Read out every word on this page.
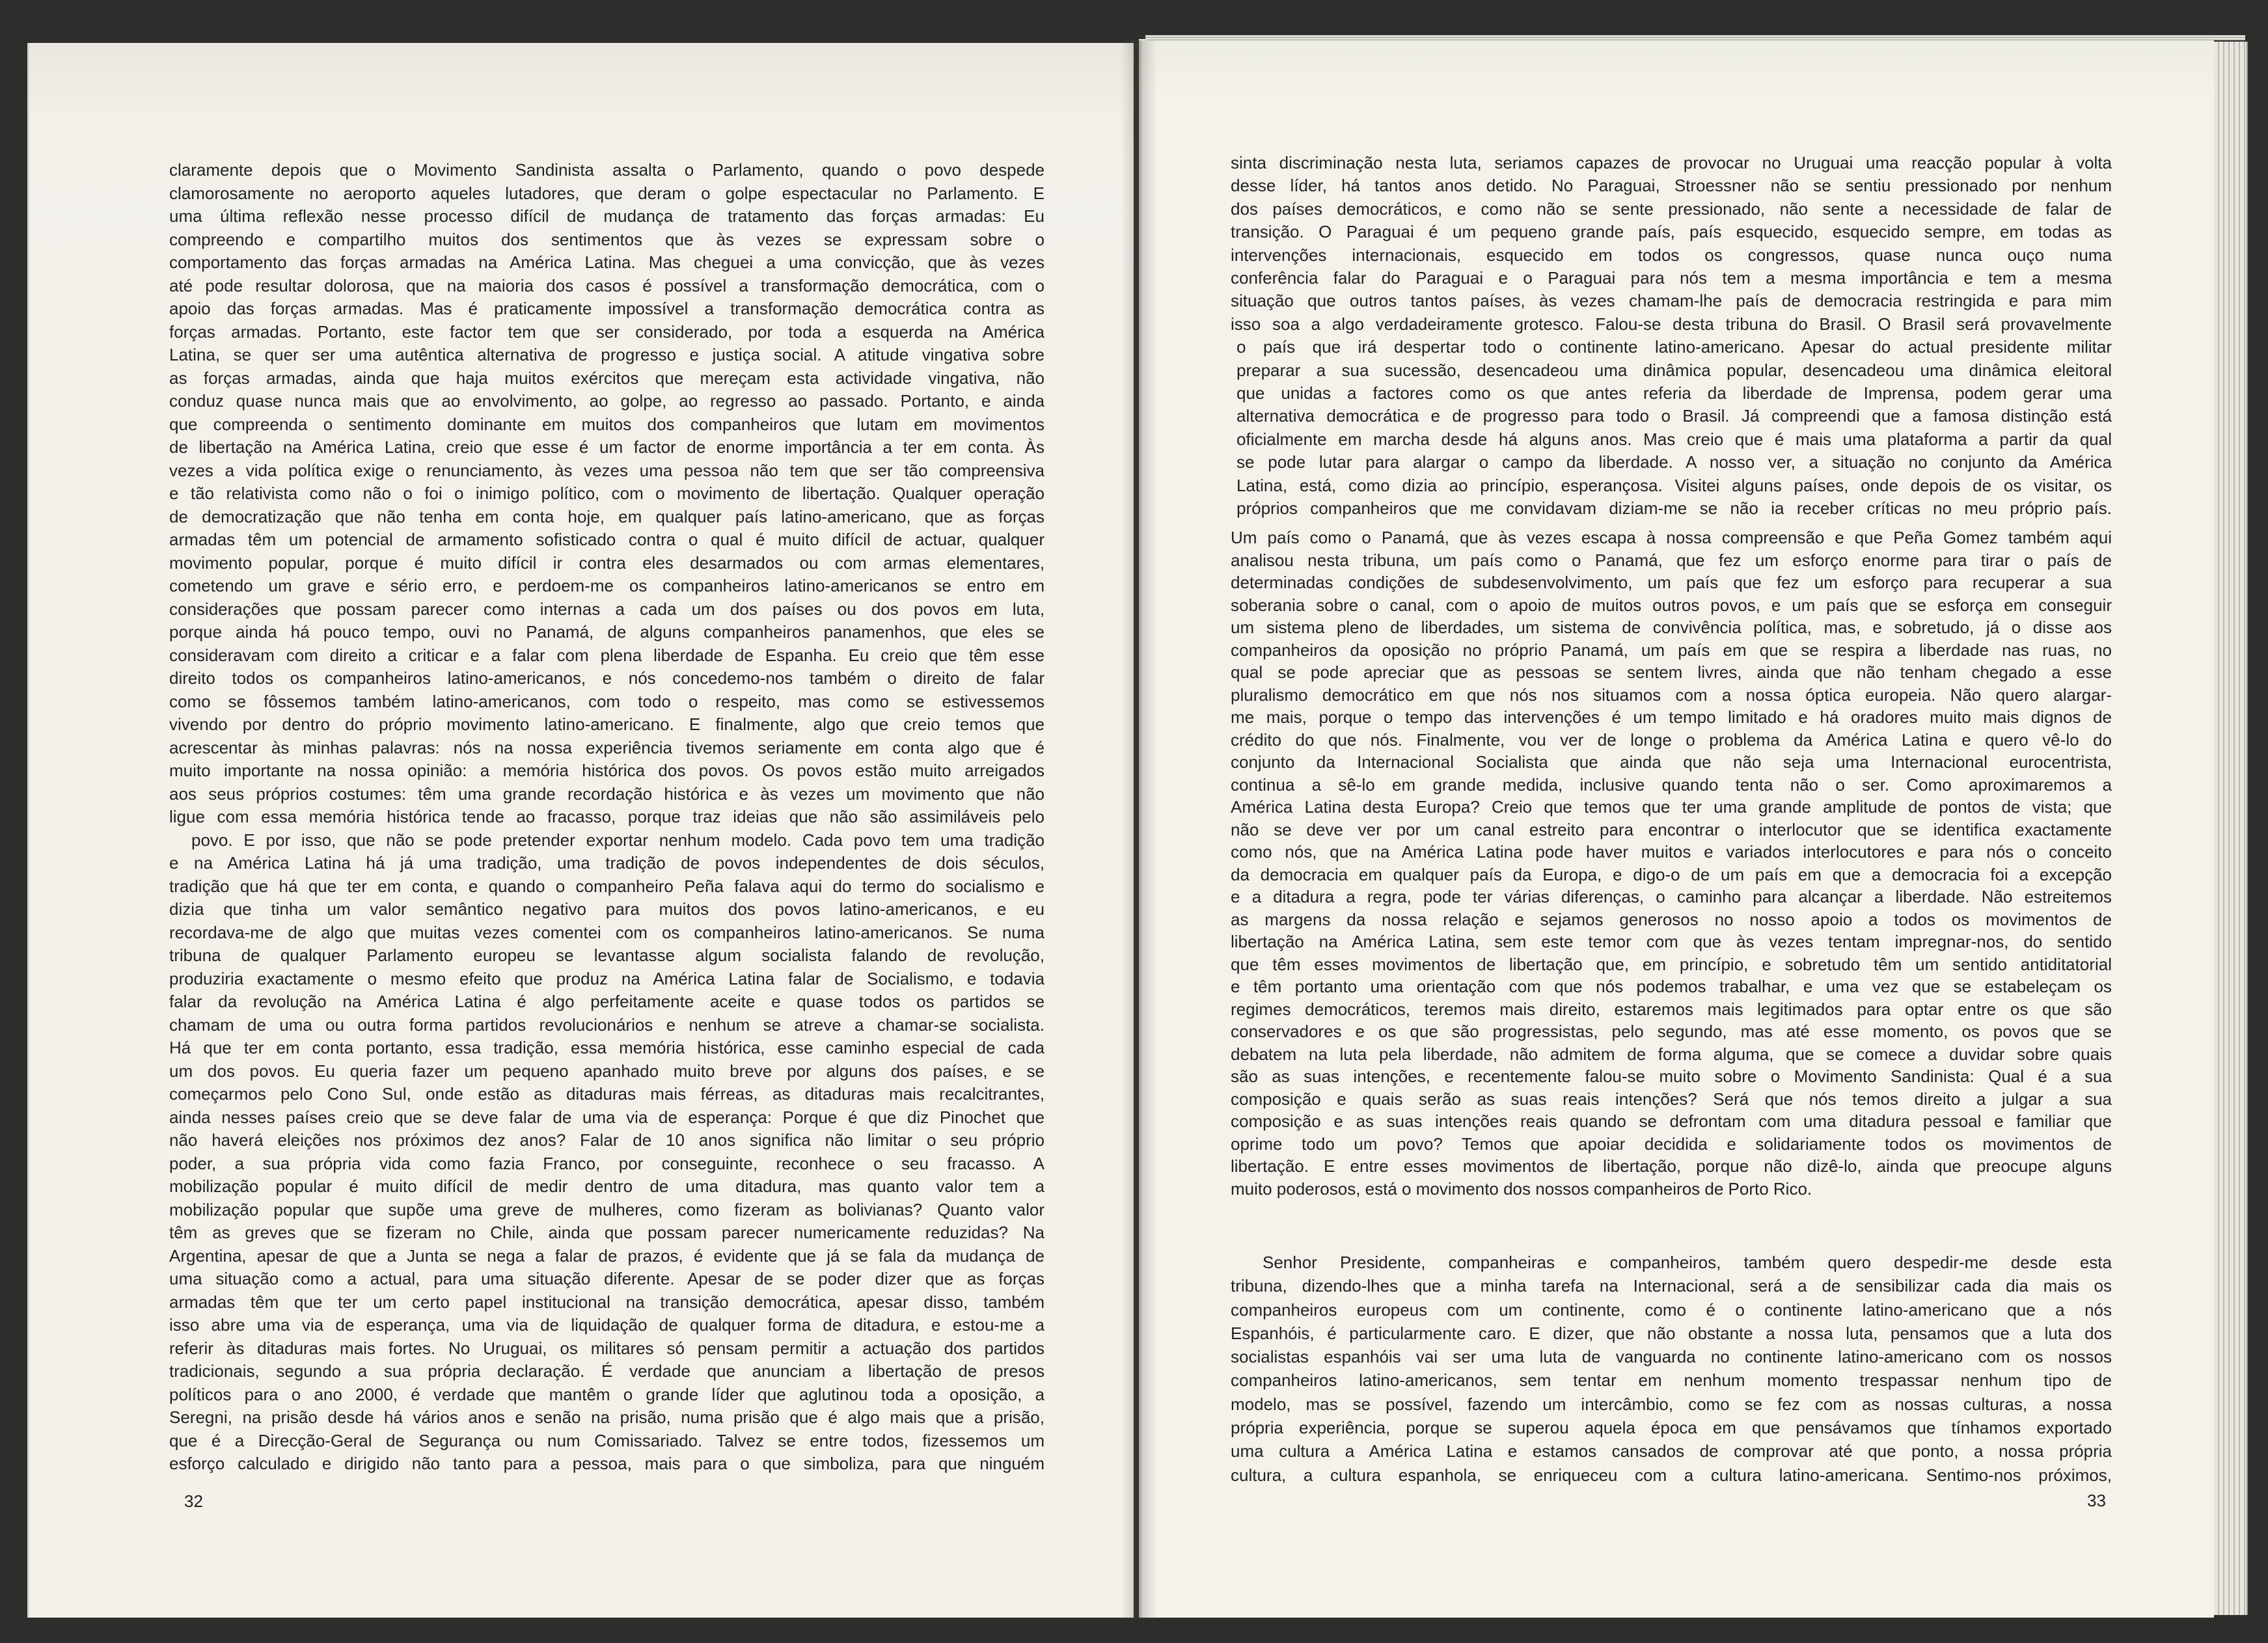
claramente depois que o Movimento Sandinista assalta o Parlamento, quando o povo despede
clamorosamente no aeroporto aqueles lutadores, que deram o golpe espectacular no Parlamento. E
uma última reflexão nesse processo difícil de mudança de tratamento das forças armadas: Eu
compreendo e compartilho muitos dos sentimentos que às vezes se expressam sobre o
comportamento das forças armadas na América Latina. Mas cheguei a uma convicção, que às vezes
até pode resultar dolorosa, que na maioria dos casos é possível a transformação democrática, com o
apoio das forças armadas. Mas é praticamente impossível a transformação democrática contra as
forças armadas. Portanto, este factor tem que ser considerado, por toda a esquerda na América
Latina, se quer ser uma autêntica alternativa de progresso e justiça social. A atitude vingativa sobre
as forças armadas, ainda que haja muitos exércitos que mereçam esta actividade vingativa, não
conduz quase nunca mais que ao envolvimento, ao golpe, ao regresso ao passado. Portanto, e ainda
que compreenda o sentimento dominante em muitos dos companheiros que lutam em movimentos
de libertação na América Latina, creio que esse é um factor de enorme importância a ter em conta. Às
vezes a vida política exige o renunciamento, às vezes uma pessoa não tem que ser tão compreensiva
e tão relativista como não o foi o inimigo político, com o movimento de libertação. Qualquer operação
de democratização que não tenha em conta hoje, em qualquer país latino-americano, que as forças
armadas têm um potencial de armamento sofisticado contra o qual é muito difícil de actuar, qualquer
movimento popular, porque é muito difícil ir contra eles desarmados ou com armas elementares,
cometendo um grave e sério erro, e perdoem-me os companheiros latino-americanos se entro em
considerações que possam parecer como internas a cada um dos países ou dos povos em luta,
porque ainda há pouco tempo, ouvi no Panamá, de alguns companheiros panamenhos, que eles se
consideravam com direito a criticar e a falar com plena liberdade de Espanha. Eu creio que têm esse
direito todos os companheiros latino-americanos, e nós concedemo-nos também o direito de falar
como se fôssemos também latino-americanos, com todo o respeito, mas como se estivessemos
vivendo por dentro do próprio movimento latino-americano. E finalmente, algo que creio temos que
acrescentar às minhas palavras: nós na nossa experiência tivemos seriamente em conta algo que é
muito importante na nossa opinião: a memória histórica dos povos. Os povos estão muito arreigados
aos seus próprios costumes: têm uma grande recordação histórica e às vezes um movimento que não
ligue com essa memória histórica tende ao fracasso, porque traz ideias que não são assimiláveis pelo
povo. E por isso, que não se pode pretender exportar nenhum modelo. Cada povo tem uma tradição
e na América Latina há já uma tradição, uma tradição de povos independentes de dois séculos,
tradição que há que ter em conta, e quando o companheiro Peña falava aqui do termo do socialismo e
dizia que tinha um valor semântico negativo para muitos dos povos latino-americanos, e eu
recordava-me de algo que muitas vezes comentei com os companheiros latino-americanos. Se numa
tribuna de qualquer Parlamento europeu se levantasse algum socialista falando de revolução,
produziria exactamente o mesmo efeito que produz na América Latina falar de Socialismo, e todavia
falar da revolução na América Latina é algo perfeitamente aceite e quase todos os partidos se
chamam de uma ou outra forma partidos revolucionários e nenhum se atreve a chamar-se socialista.
Há que ter em conta portanto, essa tradição, essa memória histórica, esse caminho especial de cada
um dos povos. Eu queria fazer um pequeno apanhado muito breve por alguns dos países, e se
começarmos pelo Cono Sul, onde estão as ditaduras mais férreas, as ditaduras mais recalcitrantes,
ainda nesses países creio que se deve falar de uma via de esperança: Porque é que diz Pinochet que
não haverá eleições nos próximos dez anos? Falar de 10 anos significa não limitar o seu próprio
poder, a sua própria vida como fazia Franco, por conseguinte, reconhece o seu fracasso. A
mobilização popular é muito difícil de medir dentro de uma ditadura, mas quanto valor tem a
mobilização popular que supõe uma greve de mulheres, como fizeram as bolivianas? Quanto valor
têm as greves que se fizeram no Chile, ainda que possam parecer numericamente reduzidas? Na
Argentina, apesar de que a Junta se nega a falar de prazos, é evidente que já se fala da mudança de
uma situação como a actual, para uma situação diferente. Apesar de se poder dizer que as forças
armadas têm que ter um certo papel institucional na transição democrática, apesar disso, também
isso abre uma via de esperança, uma via de liquidação de qualquer forma de ditadura, e estou-me a
referir às ditaduras mais fortes. No Uruguai, os militares só pensam permitir a actuação dos partidos
tradicionais, segundo a sua própria declaração. É verdade que anunciam a libertação de presos
políticos para o ano 2000, é verdade que mantêm o grande líder que aglutinou toda a oposição, a
Seregni, na prisão desde há vários anos e senão na prisão, numa prisão que é algo mais que a prisão,
que é a Direcção-Geral de Segurança ou num Comissariado. Talvez se entre todos, fizessemos um
esforço calculado e dirigido não tanto para a pessoa, mais para o que simboliza, para que ninguém
32
sinta discriminação nesta luta, seriamos capazes de provocar no Uruguai uma reacção popular à volta
desse líder, há tantos anos detido. No Paraguai, Stroessner não se sentiu pressionado por nenhum
dos países democráticos, e como não se sente pressionado, não sente a necessidade de falar de
transição. O Paraguai é um pequeno grande país, país esquecido, esquecido sempre, em todas as
intervenções internacionais, esquecido em todos os congressos, quase nunca ouço numa
conferência falar do Paraguai e o Paraguai para nós tem a mesma importância e tem a mesma
situação que outros tantos países, às vezes chamam-lhe país de democracia restringida e para mim
isso soa a algo verdadeiramente grotesco. Falou-se desta tribuna do Brasil. O Brasil será provavelmente
o país que irá despertar todo o continente latino-americano. Apesar do actual presidente militar
preparar a sua sucessão, desencadeou uma dinâmica popular, desencadeou uma dinâmica eleitoral
que unidas a factores como os que antes referia da liberdade de Imprensa, podem gerar uma
alternativa democrática e de progresso para todo o Brasil. Já compreendi que a famosa distinção está
oficialmente em marcha desde há alguns anos. Mas creio que é mais uma plataforma a partir da qual
se pode lutar para alargar o campo da liberdade. A nosso ver, a situação no conjunto da América
Latina, está, como dizia ao princípio, esperançosa. Visitei alguns países, onde depois de os visitar, os
próprios companheiros que me convidavam diziam-me se não ia receber críticas no meu próprio país.
Um país como o Panamá, que às vezes escapa à nossa compreensão e que Peña Gomez também aqui
analisou nesta tribuna, um país como o Panamá, que fez um esforço enorme para tirar o país de
determinadas condições de subdesenvolvimento, um país que fez um esforço para recuperar a sua
soberania sobre o canal, com o apoio de muitos outros povos, e um país que se esforça em conseguir
um sistema pleno de liberdades, um sistema de convivência política, mas, e sobretudo, já o disse aos
companheiros da oposição no próprio Panamá, um país em que se respira a liberdade nas ruas, no
qual se pode apreciar que as pessoas se sentem livres, ainda que não tenham chegado a esse
pluralismo democrático em que nós nos situamos com a nossa óptica europeia. Não quero alargar-
me mais, porque o tempo das intervenções é um tempo limitado e há oradores muito mais dignos de
crédito do que nós. Finalmente, vou ver de longe o problema da América Latina e quero vê-lo do
conjunto da Internacional Socialista que ainda que não seja uma Internacional eurocentrista,
continua a sê-lo em grande medida, inclusive quando tenta não o ser. Como aproximaremos a
América Latina desta Europa? Creio que temos que ter uma grande amplitude de pontos de vista; que
não se deve ver por um canal estreito para encontrar o interlocutor que se identifica exactamente
como nós, que na América Latina pode haver muitos e variados interlocutores e para nós o conceito
da democracia em qualquer país da Europa, e digo-o de um país em que a democracia foi a excepção
e a ditadura a regra, pode ter várias diferenças, o caminho para alcançar a liberdade. Não estreitemos
as margens da nossa relação e sejamos generosos no nosso apoio a todos os movimentos de
libertação na América Latina, sem este temor com que às vezes tentam impregnar-nos, do sentido
que têm esses movimentos de libertação que, em princípio, e sobretudo têm um sentido antiditatorial
e têm portanto uma orientação com que nós podemos trabalhar, e uma vez que se estabeleçam os
regimes democráticos, teremos mais direito, estaremos mais legitimados para optar entre os que são
conservadores e os que são progressistas, pelo segundo, mas até esse momento, os povos que se
debatem na luta pela liberdade, não admitem de forma alguma, que se comece a duvidar sobre quais
são as suas intenções, e recentemente falou-se muito sobre o Movimento Sandinista: Qual é a sua
composição e quais serão as suas reais intenções? Será que nós temos direito a julgar a sua
composição e as suas intenções reais quando se defrontam com uma ditadura pessoal e familiar que
oprime todo um povo? Temos que apoiar decidida e solidariamente todos os movimentos de
libertação. E entre esses movimentos de libertação, porque não dizê-lo, ainda que preocupe alguns
muito poderosos, está o movimento dos nossos companheiros de Porto Rico.
Senhor Presidente, companheiras e companheiros, também quero despedir-me desde esta
tribuna, dizendo-lhes que a minha tarefa na Internacional, será a de sensibilizar cada dia mais os
companheiros europeus com um continente, como é o continente latino-americano que a nós
Espanhóis, é particularmente caro. E dizer, que não obstante a nossa luta, pensamos que a luta dos
socialistas espanhóis vai ser uma luta de vanguarda no continente latino-americano com os nossos
companheiros latino-americanos, sem tentar em nenhum momento trespassar nenhum tipo de
modelo, mas se possível, fazendo um intercâmbio, como se fez com as nossas culturas, a nossa
própria experiência, porque se superou aquela época em que pensávamos que tínhamos exportado
uma cultura a América Latina e estamos cansados de comprovar até que ponto, a nossa própria
cultura, a cultura espanhola, se enriqueceu com a cultura latino-americana. Sentimo-nos próximos,
33
